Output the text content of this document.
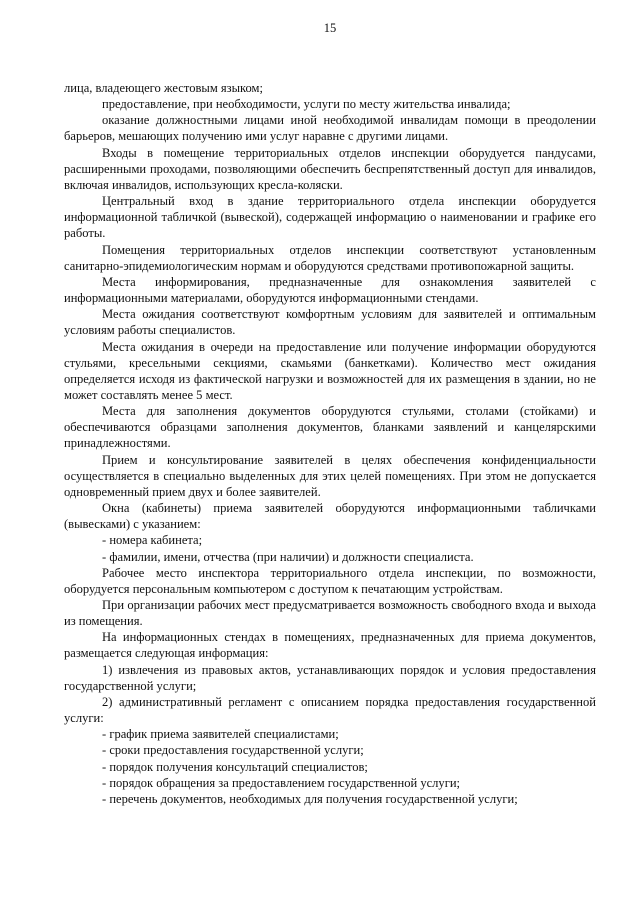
15

лица, владеющего жестовым языком;

предоставление, при необходимости, услуги по месту жительства инвалида;

оказание должностными лицами иной необходимой инвалидам помощи в преодолении барьеров, мешающих получению ими услуг наравне с другими лицами.

Входы в помещение территориальных отделов инспекции оборудуется пандусами, расширенными проходами, позволяющими обеспечить беспрепятственный доступ для инвалидов, включая инвалидов, использующих кресла-коляски.

Центральный вход в здание территориального отдела инспекции оборудуется информационной табличкой (вывеской), содержащей информацию о наименовании и графике его работы.

Помещения территориальных отделов инспекции соответствуют установленным санитарно-эпидемиологическим нормам и оборудуются средствами противопожарной защиты.

Места информирования, предназначенные для ознакомления заявителей с информационными материалами, оборудуются информационными стендами.

Места ожидания соответствуют комфортным условиям для заявителей и оптимальным условиям работы специалистов.

Места ожидания в очереди на предоставление или получение информации оборудуются стульями, кресельными секциями, скамьями (банкетками). Количество мест ожидания определяется исходя из фактической нагрузки и возможностей для их размещения в здании, но не может составлять менее 5 мест.

Места для заполнения документов оборудуются стульями, столами (стойками) и обеспечиваются образцами заполнения документов, бланками заявлений и канцелярскими принадлежностями.

Прием и консультирование заявителей в целях обеспечения конфиденциальности осуществляется в специально выделенных для этих целей помещениях. При этом не допускается одновременный прием двух и более заявителей.

Окна (кабинеты) приема заявителей оборудуются информационными табличками (вывесками) с указанием:

- номера кабинета;

- фамилии, имени, отчества (при наличии) и должности специалиста.

Рабочее место инспектора территориального отдела инспекции, по возможности, оборудуется персональным компьютером с доступом к печатающим устройствам.

При организации рабочих мест предусматривается возможность свободного входа и выхода из помещения.

На информационных стендах в помещениях, предназначенных для приема документов, размещается следующая информация:

1) извлечения из правовых актов, устанавливающих порядок и условия предоставления государственной услуги;

2) административный регламент с описанием порядка предоставления государственной услуги:

- график приема заявителей специалистами;

- сроки предоставления государственной услуги;

- порядок получения консультаций специалистов;

- порядок обращения за предоставлением государственной услуги;

- перечень документов, необходимых для получения государственной услуги;
